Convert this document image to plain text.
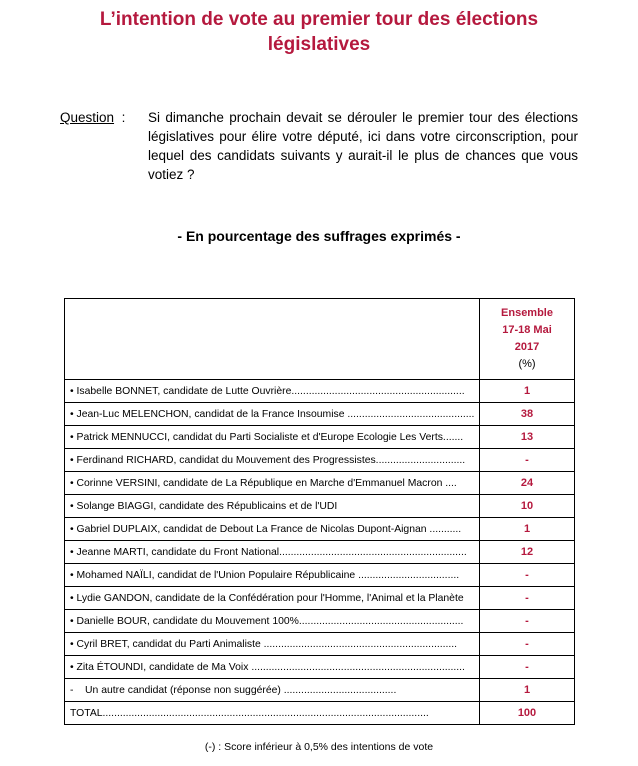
L’intention de vote au premier tour des élections
législatives
Question : Si dimanche prochain devait se dérouler le premier tour des élections législatives pour élire votre député, ici dans votre circonscription, pour lequel des candidats suivants y aurait-il le plus de chances que vous votiez ?
- En pourcentage des suffrages exprimés -

	Ensemble
17-18 Mai
2017
(%)

• Isabelle BONNET, candidate de Lutte Ouvrière............................................................	1
• Jean-Luc MELENCHON, candidat de la France Insoumise ............................................	38
• Patrick MENNUCCI, candidat du Parti Socialiste et d'Europe Ecologie Les Verts.......	13
• Ferdinand RICHARD, candidat du Mouvement des Progressistes...............................	-
• Corinne VERSINI, candidate de La République en Marche d'Emmanuel Macron ....	24
• Solange BIAGGI, candidate des Républicains et de l'UDI	10
• Gabriel DUPLAIX, candidat de Debout La France de Nicolas Dupont-Aignan ...........	1
• Jeanne MARTI, candidate du Front National.................................................................	12
• Mohamed NAÏLI, candidat de l'Union Populaire Républicaine ...................................	-
• Lydie GANDON, candidate de la Confédération pour l'Homme, l'Animal et la Planète	-
• Danielle BOUR, candidate du Mouvement 100%.........................................................	-
• Cyril BRET, candidat du Parti Animaliste ...................................................................	-
• Zita ÉTOUNDI, candidate de Ma Voix ..........................................................................	-
- Un autre candidat (réponse non suggérée) .......................................	1
TOTAL.................................................................................................................	100
(-) : Score inférieur à 0,5% des intentions de vote
